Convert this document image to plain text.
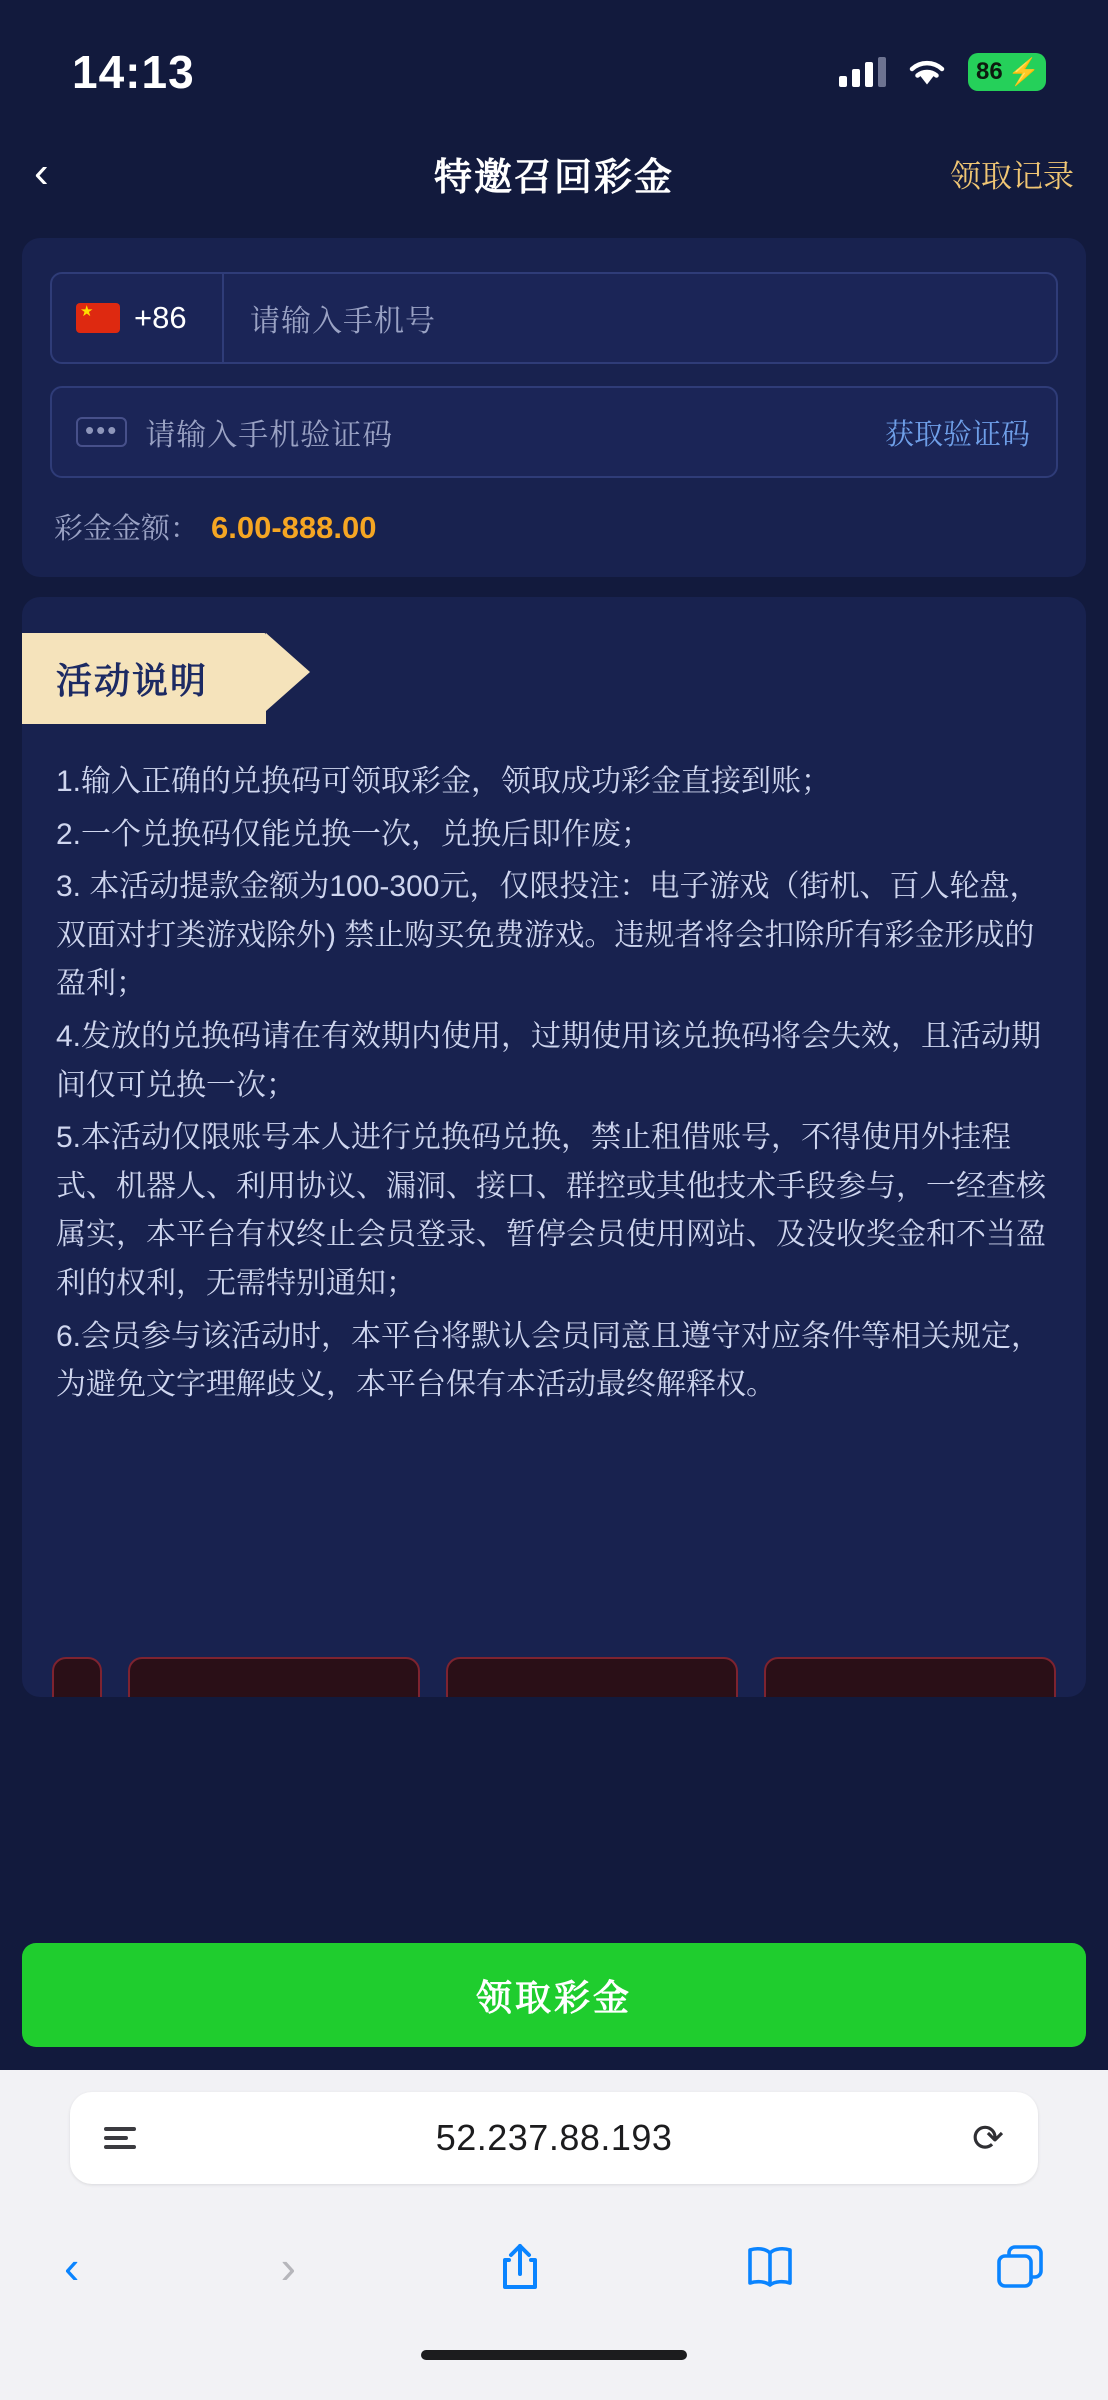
14:13	86 ⚡
‹	特邀召回彩金	领取记录
★
+86	请输入手机号
••• 请输入手机验证码	获取验证码
彩金金额： 6.00-888.00
活动说明

1.输入正确的兑换码可领取彩金，领取成功彩金直接到账；

2.一个兑换码仅能兑换一次，兑换后即作废；

3. 本活动提款金额为100-300元，仅限投注：电子游戏（街机、百人轮盘，双面对打类游戏除外) 禁止购买免费游戏。违规者将会扣除所有彩金形成的盈利；

4.发放的兑换码请在有效期内使用，过期使用该兑换码将会失效，且活动期间仅可兑换一次；

5.本活动仅限账号本人进行兑换码兑换，禁止租借账号，不得使用外挂程式、机器人、利用协议、漏洞、接口、群控或其他技术手段参与，一经查核属实，本平台有权终止会员登录、暂停会员使用网站、及没收奖金和不当盈利的权利，无需特别通知；

6.会员参与该活动时，本平台将默认会员同意且遵守对应条件等相关规定，为避免文字理解歧义，本平台保有本活动最终解释权。

领取彩金
52.237.88.193	⟳
‹	›
